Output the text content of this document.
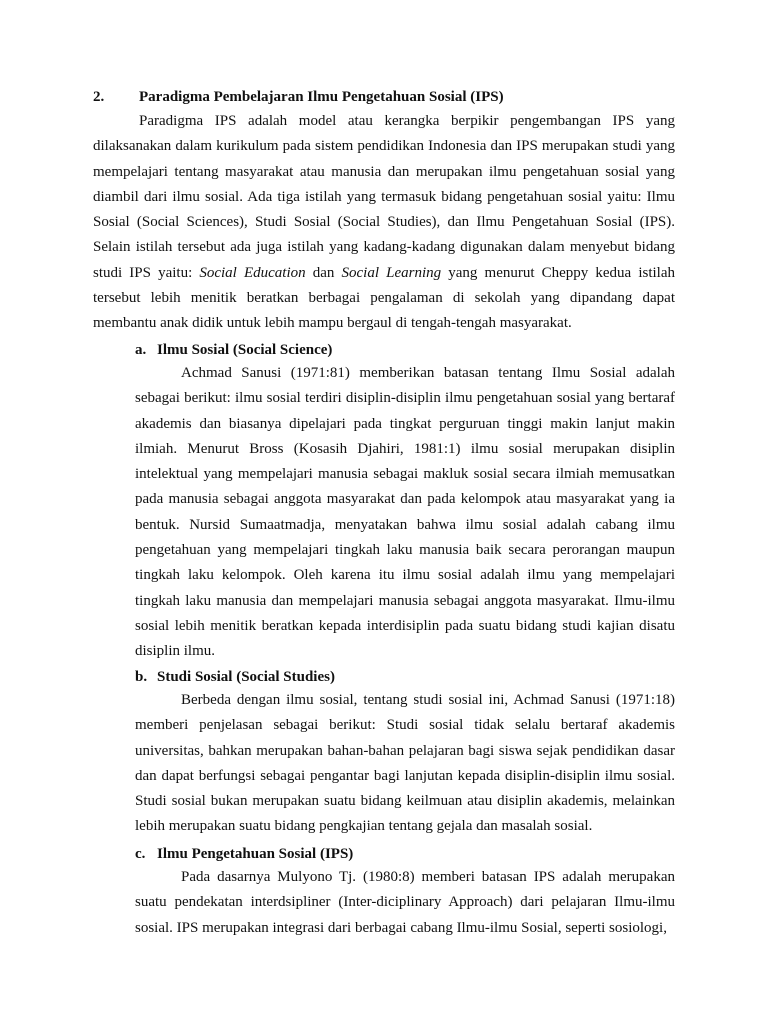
2. Paradigma Pembelajaran Ilmu Pengetahuan Sosial (IPS)

Paradigma IPS adalah model atau kerangka berpikir pengembangan IPS yang dilaksanakan dalam kurikulum pada sistem pendidikan Indonesia dan IPS merupakan studi yang mempelajari tentang masyarakat atau manusia dan merupakan ilmu pengetahuan sosial yang diambil dari ilmu sosial. Ada tiga istilah yang termasuk bidang pengetahuan sosial yaitu: Ilmu Sosial (Social Sciences), Studi Sosial (Social Studies), dan Ilmu Pengetahuan Sosial (IPS). Selain istilah tersebut ada juga istilah yang kadang-kadang digunakan dalam menyebut bidang studi IPS yaitu: Social Education dan Social Learning yang menurut Cheppy kedua istilah tersebut lebih menitik beratkan berbagai pengalaman di sekolah yang dipandang dapat membantu anak didik untuk lebih mampu bergaul di tengah-tengah masyarakat.

a. Ilmu Sosial (Social Science)

Achmad Sanusi (1971:81) memberikan batasan tentang Ilmu Sosial adalah sebagai berikut: ilmu sosial terdiri disiplin-disiplin ilmu pengetahuan sosial yang bertaraf akademis dan biasanya dipelajari pada tingkat perguruan tinggi makin lanjut makin ilmiah. Menurut Bross (Kosasih Djahiri, 1981:1) ilmu sosial merupakan disiplin intelektual yang mempelajari manusia sebagai makluk sosial secara ilmiah memusatkan pada manusia sebagai anggota masyarakat dan pada kelompok atau masyarakat yang ia bentuk. Nursid Sumaatmadja, menyatakan bahwa ilmu sosial adalah cabang ilmu pengetahuan yang mempelajari tingkah laku manusia baik secara perorangan maupun tingkah laku kelompok. Oleh karena itu ilmu sosial adalah ilmu yang mempelajari tingkah laku manusia dan mempelajari manusia sebagai anggota masyarakat. Ilmu-ilmu sosial lebih menitik beratkan kepada interdisiplin pada suatu bidang studi kajian disatu disiplin ilmu.

b. Studi Sosial (Social Studies)

Berbeda dengan ilmu sosial, tentang studi sosial ini, Achmad Sanusi (1971:18) memberi penjelasan sebagai berikut: Studi sosial tidak selalu bertaraf akademis universitas, bahkan merupakan bahan-bahan pelajaran bagi siswa sejak pendidikan dasar dan dapat berfungsi sebagai pengantar bagi lanjutan kepada disiplin-disiplin ilmu sosial. Studi sosial bukan merupakan suatu bidang keilmuan atau disiplin akademis, melainkan lebih merupakan suatu bidang pengkajian tentang gejala dan masalah sosial.

c. Ilmu Pengetahuan Sosial (IPS)

Pada dasarnya Mulyono Tj. (1980:8) memberi batasan IPS adalah merupakan suatu pendekatan interdsipliner (Inter-diciplinary Approach) dari pelajaran Ilmu-ilmu sosial. IPS merupakan integrasi dari berbagai cabang Ilmu-ilmu Sosial, seperti sosiologi,
